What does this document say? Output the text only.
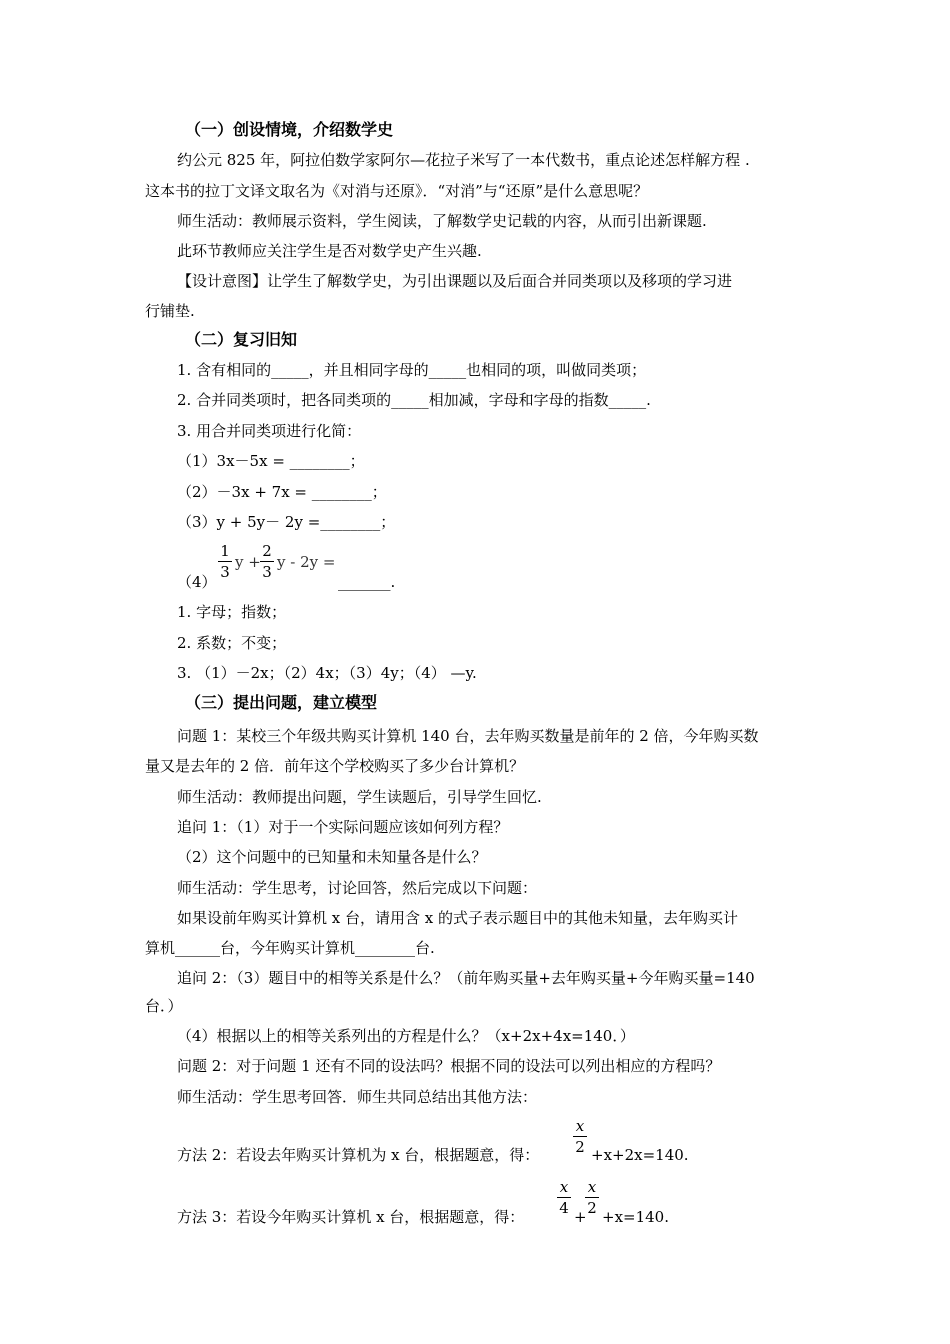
（一）创设情境，介绍数学史
约公元 825 年，阿拉伯数学家阿尔—花拉子米写了一本代数书，重点论述怎样解方程 .
这本书的拉丁文译文取名为《对消与还原》．“对消”与“还原”是什么意思呢？
师生活动：教师展示资料，学生阅读，了解数学史记载的内容，从而引出新课题.
此环节教师应关注学生是否对数学史产生兴趣.
【设计意图】让学生了解数学史，为引出课题以及后面合并同类项以及移项的学习进
行铺垫.
（二）复习旧知
1. 含有相同的_____，并且相同字母的_____也相同的项，叫做同类项；
2. 合并同类项时，把各同类项的_____相加减，字母和字母的指数_____.
3. 用合并同类项进行化简：
（1）3x－5x = ________；
（2）－3x + 7x = ________；
（3）y + 5y－ 2y =________；
（4）
1
3
y +
2
3
y - 2y =
_______.
1. 字母；指数；
2. 系数；不变；
3. （1）－2x；（2）4x；（3）4y；（4） —y.
（三）提出问题，建立模型
问题 1：某校三个年级共购买计算机 140 台，去年购买数量是前年的 2 倍，今年购买数
量又是去年的 2 倍．前年这个学校购买了多少台计算机？
师生活动：教师提出问题，学生读题后，引导学生回忆.
追问 1：（1）对于一个实际问题应该如何列方程？
（2）这个问题中的已知量和未知量各是什么？
师生活动：学生思考，讨论回答，然后完成以下问题：
如果设前年购买计算机 x 台，请用含 x 的式子表示题目中的其他未知量，去年购买计
算机______台，今年购买计算机________台.
追问 2：（3）题目中的相等关系是什么？（前年购买量+去年购买量+今年购买量=140
台．）
（4）根据以上的相等关系列出的方程是什么？（x+2x+4x=140．）
问题 2：对于问题 1 还有不同的设法吗？根据不同的设法可以列出相应的方程吗？
师生活动：学生思考回答．师生共同总结出其他方法：
方法 2：若设去年购买计算机为 x 台，根据题意，得：
x
2 +x+2x=140.
方法 3：若设今年购买计算机 x 台，根据题意，得：
x
4 +
x
2 +x=140.
